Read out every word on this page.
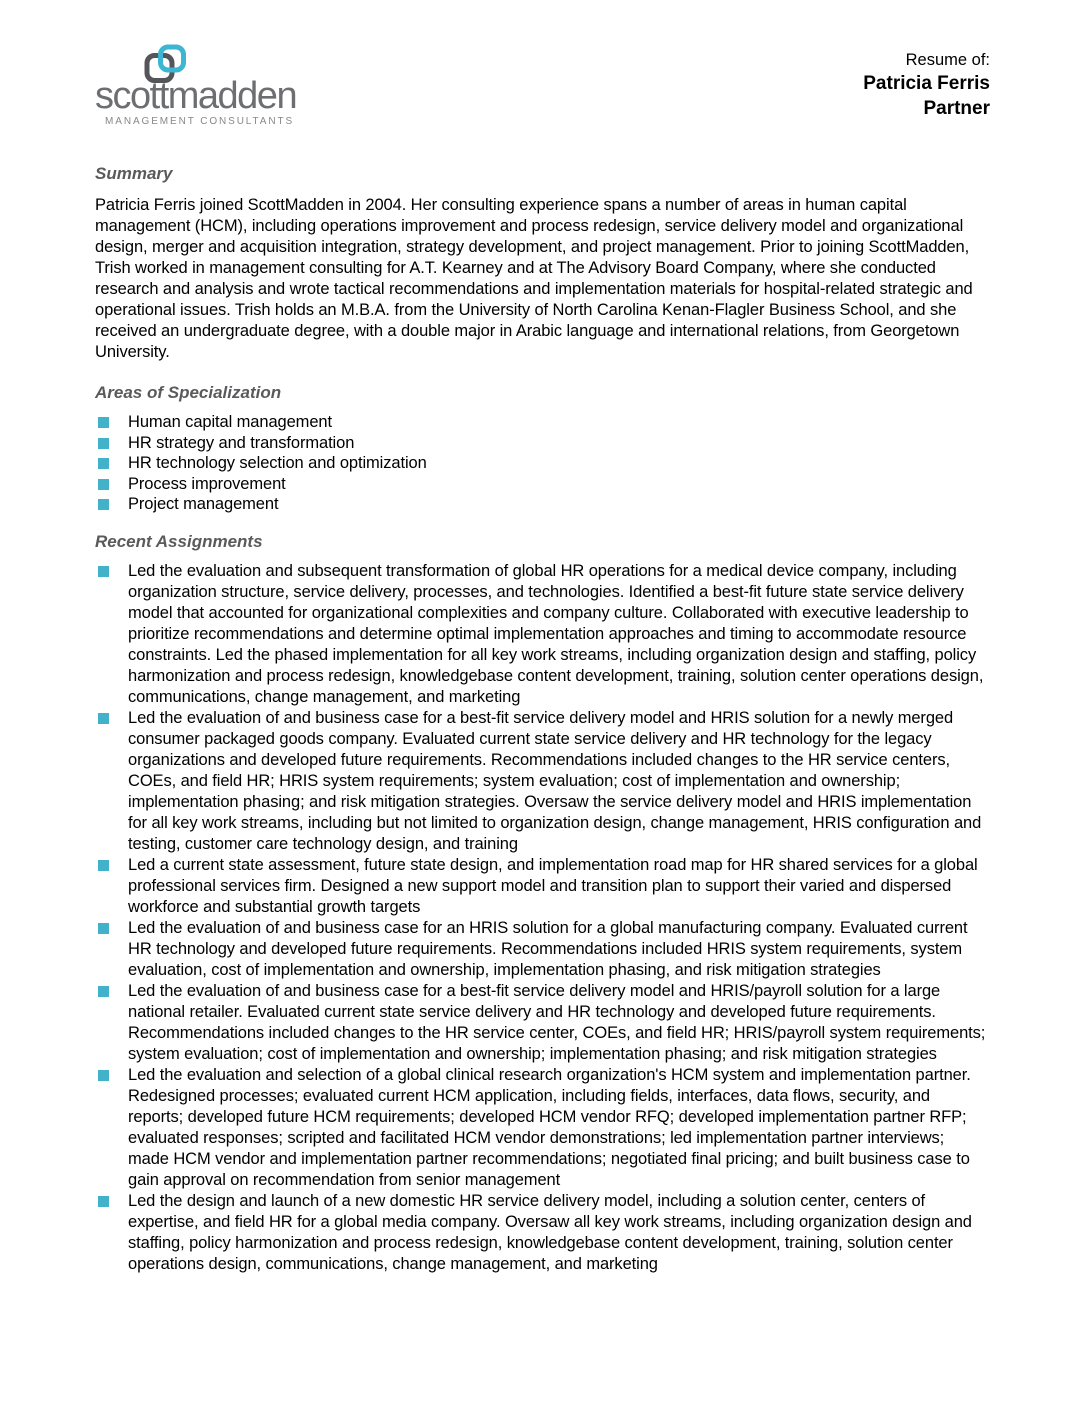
scottmadden
MANAGEMENT CONSULTANTS
Resume of:
Patricia Ferris
Partner
Summary

Patricia Ferris joined ScottMadden in 2004. Her consulting experience spans a number of areas in human capital management (HCM), including operations improvement and process redesign, service delivery model and organizational design, merger and acquisition integration, strategy development, and project management. Prior to joining ScottMadden, Trish worked in management consulting for A.T. Kearney and at The Advisory Board Company, where she conducted research and analysis and wrote tactical recommendations and implementation materials for hospital-related strategic and operational issues. Trish holds an M.B.A. from the University of North Carolina Kenan-Flagler Business School, and she received an undergraduate degree, with a double major in Arabic language and international relations, from Georgetown University.

Areas of Specialization
Human capital management
HR strategy and transformation
HR technology selection and optimization
Process improvement
Project management
Recent Assignments
Led the evaluation and subsequent transformation of global HR operations for a medical device company, including organization structure, service delivery, processes, and technologies. Identified a best-fit future state service delivery model that accounted for organizational complexities and company culture. Collaborated with executive leadership to prioritize recommendations and determine optimal implementation approaches and timing to accommodate resource constraints. Led the phased implementation for all key work streams, including organization design and staffing, policy harmonization and process redesign, knowledgebase content development, training, solution center operations design, communications, change management, and marketing
Led the evaluation of and business case for a best-fit service delivery model and HRIS solution for a newly merged consumer packaged goods company. Evaluated current state service delivery and HR technology for the legacy organizations and developed future requirements. Recommendations included changes to the HR service centers, COEs, and field HR; HRIS system requirements; system evaluation; cost of implementation and ownership; implementation phasing; and risk mitigation strategies. Oversaw the service delivery model and HRIS implementation for all key work streams, including but not limited to organization design, change management, HRIS configuration and testing, customer care technology design, and training
Led a current state assessment, future state design, and implementation road map for HR shared services for a global professional services firm. Designed a new support model and transition plan to support their varied and dispersed workforce and substantial growth targets
Led the evaluation of and business case for an HRIS solution for a global manufacturing company. Evaluated current HR technology and developed future requirements. Recommendations included HRIS system requirements, system evaluation, cost of implementation and ownership, implementation phasing, and risk mitigation strategies
Led the evaluation of and business case for a best-fit service delivery model and HRIS/payroll solution for a large national retailer. Evaluated current state service delivery and HR technology and developed future requirements. Recommendations included changes to the HR service center, COEs, and field HR; HRIS/payroll system requirements; system evaluation; cost of implementation and ownership; implementation phasing; and risk mitigation strategies
Led the evaluation and selection of a global clinical research organization's HCM system and implementation partner. Redesigned processes; evaluated current HCM application, including fields, interfaces, data flows, security, and reports; developed future HCM requirements; developed HCM vendor RFQ; developed implementation partner RFP; evaluated responses; scripted and facilitated HCM vendor demonstrations; led implementation partner interviews; made HCM vendor and implementation partner recommendations; negotiated final pricing; and built business case to gain approval on recommendation from senior management
Led the design and launch of a new domestic HR service delivery model, including a solution center, centers of expertise, and field HR for a global media company. Oversaw all key work streams, including organization design and staffing, policy harmonization and process redesign, knowledgebase content development, training, solution center operations design, communications, change management, and marketing
